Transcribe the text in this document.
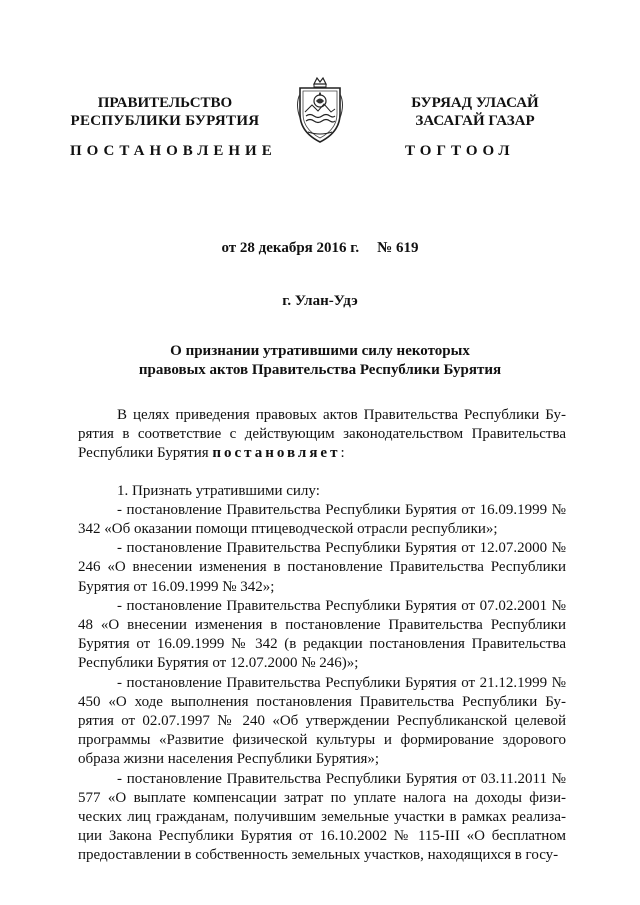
ПРАВИТЕЛЬСТВО
РЕСПУБЛИКИ БУРЯТИЯ
БУРЯАД УЛАСАЙ
ЗАСАГАЙ ГАЗАР
ПОСТАНОВЛЕНИЕ	ТОГТООЛ
от 28 декабря 2016 г. № 619
г. Улан-Удэ
О признании утратившими силу некоторых
правовых актов Правительства Республики Бурятия

В целях приведения правовых актов Правительства Республики Бурятия в соответствие с действующим законодательством Правительства Республики Бурятия постановляет:

1. Признать утратившими силу:

- постановление Правительства Республики Бурятия от 16.09.1999 № 342 «Об оказании помощи птицеводческой отрасли республики»;

- постановление Правительства Республики Бурятия от 12.07.2000 № 246 «О внесении изменения в постановление Правительства Республики Бурятия от 16.09.1999 № 342»;

- постановление Правительства Республики Бурятия от 07.02.2001 № 48 «О внесении изменения в постановление Правительства Республики Бурятия от 16.09.1999 № 342 (в редакции постановления Правительства Республики Бурятия от 12.07.2000 № 246)»;

- постановление Правительства Республики Бурятия от 21.12.1999 № 450 «О ходе выполнения постановления Правительства Республики Бурятия от 02.07.1997 № 240 «Об утверждении Республиканской целевой программы «Развитие физической культуры и формирование здорового образа жизни населения Республики Бурятия»;

- постановление Правительства Республики Бурятия от 03.11.2011 № 577 «О выплате компенсации затрат по уплате налога на доходы физических лиц гражданам, получившим земельные участки в рамках реализации Закона Республики Бурятия от 16.10.2002 № 115-III «О бесплатном предоставлении в собственность земельных участков, находящихся в госу-
